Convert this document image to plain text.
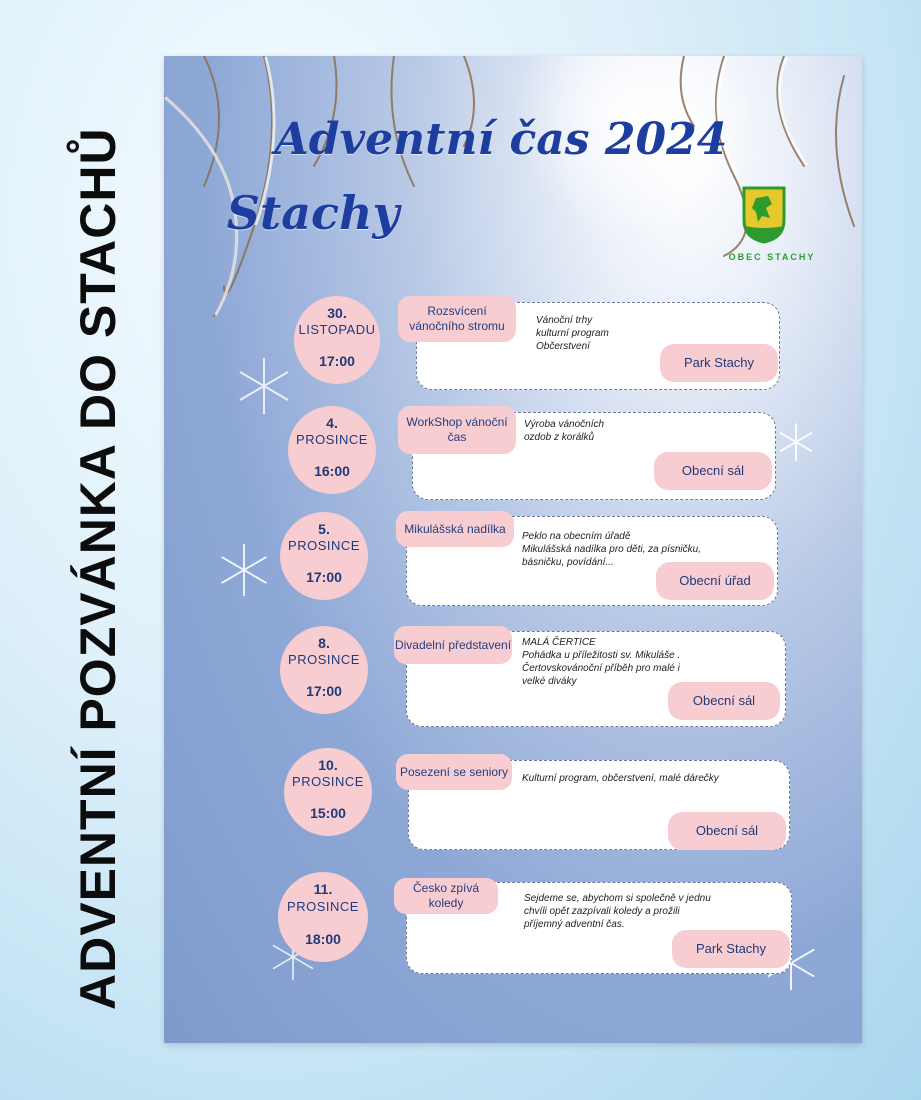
ADVENTNÍ POZVÁNKA DO STACHŮ	Adventní čas 2024
Stachy
OBEC STACHY
30.
LISTOPADU
17:00
Rozsvícení vánočního stromu	Vánoční trhy
kulturní program
Občerstvení
Park Stachy
4.
PROSINCE
16:00
WorkShop vánoční čas
Výroba vánočních
ozdob z korálků
Obecní sál
5.
PROSINCE
17:00
Mikulášská nadílka
Peklo na obecním úřadě
Mikulášská nadílka pro děti, za písničku,
básničku, povídání...
Obecní úřad
8.
PROSINCE
17:00
Divadelní představení MALÁ ČERTICE
Pohádka u příležitosti sv. Mikuláše .
Čertovskovánoční příběh pro malé i
velké diváky
Obecní sál
10.
PROSINCE
15:00
Posezení se seniory	Kulturní program, občerstvení, malé dárečky
Obecní sál
11.
PROSINCE
18:00
Česko zpívá koledy	Sejdeme se, abychom si společně v jednu
chvíli opět zazpívali koledy a prožili
příjemný adventní čas.
Park Stachy
